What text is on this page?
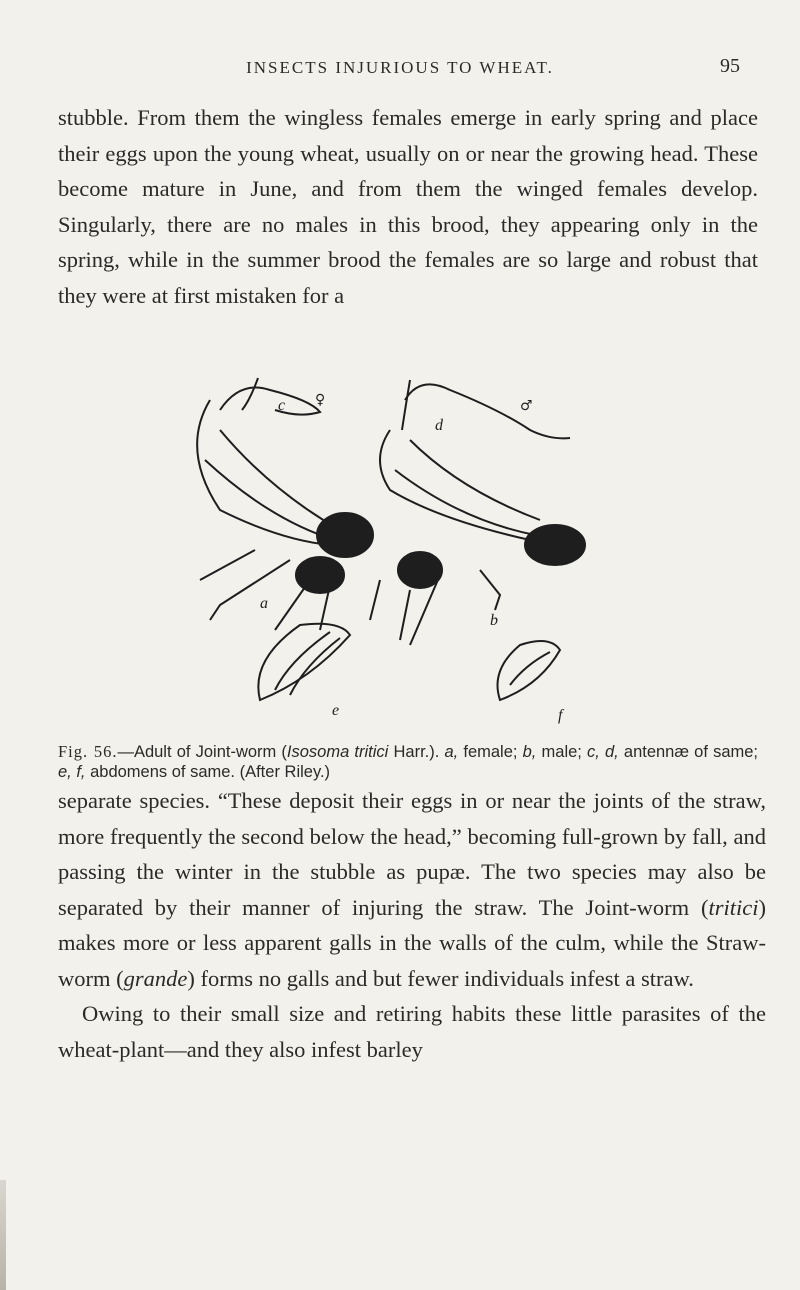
INSECTS INJURIOUS TO WHEAT.	95

stubble. From them the wingless females emerge in early spring and place their eggs upon the young wheat, usually on or near the growing head. These become mature in June, and from them the winged females develop. Singularly, there are no males in this brood, they appearing only in the spring, while in the summer brood the females are so large and robust that they were at first mistaken for a

♀
c	♂
d
a
b
e	f
Fig. 56.—Adult of Joint-worm (Isosoma tritici Harr.). a, female; b, male; c, d, antennæ of same; e, f, abdomens of same. (After Riley.)
separate species. “These deposit their eggs in or near the joints of the straw, more frequently the second below the head,” becoming full-grown by fall, and passing the winter in the stubble as pupæ. The two species may also be separated by their manner of injuring the straw. The Joint-worm (tritici) makes more or less apparent galls in the walls of the culm, while the Straw-worm (grande) forms no galls and but fewer individuals infest a straw.
Owing to their small size and retiring habits these little parasites of the wheat-plant—and they also infest barley
